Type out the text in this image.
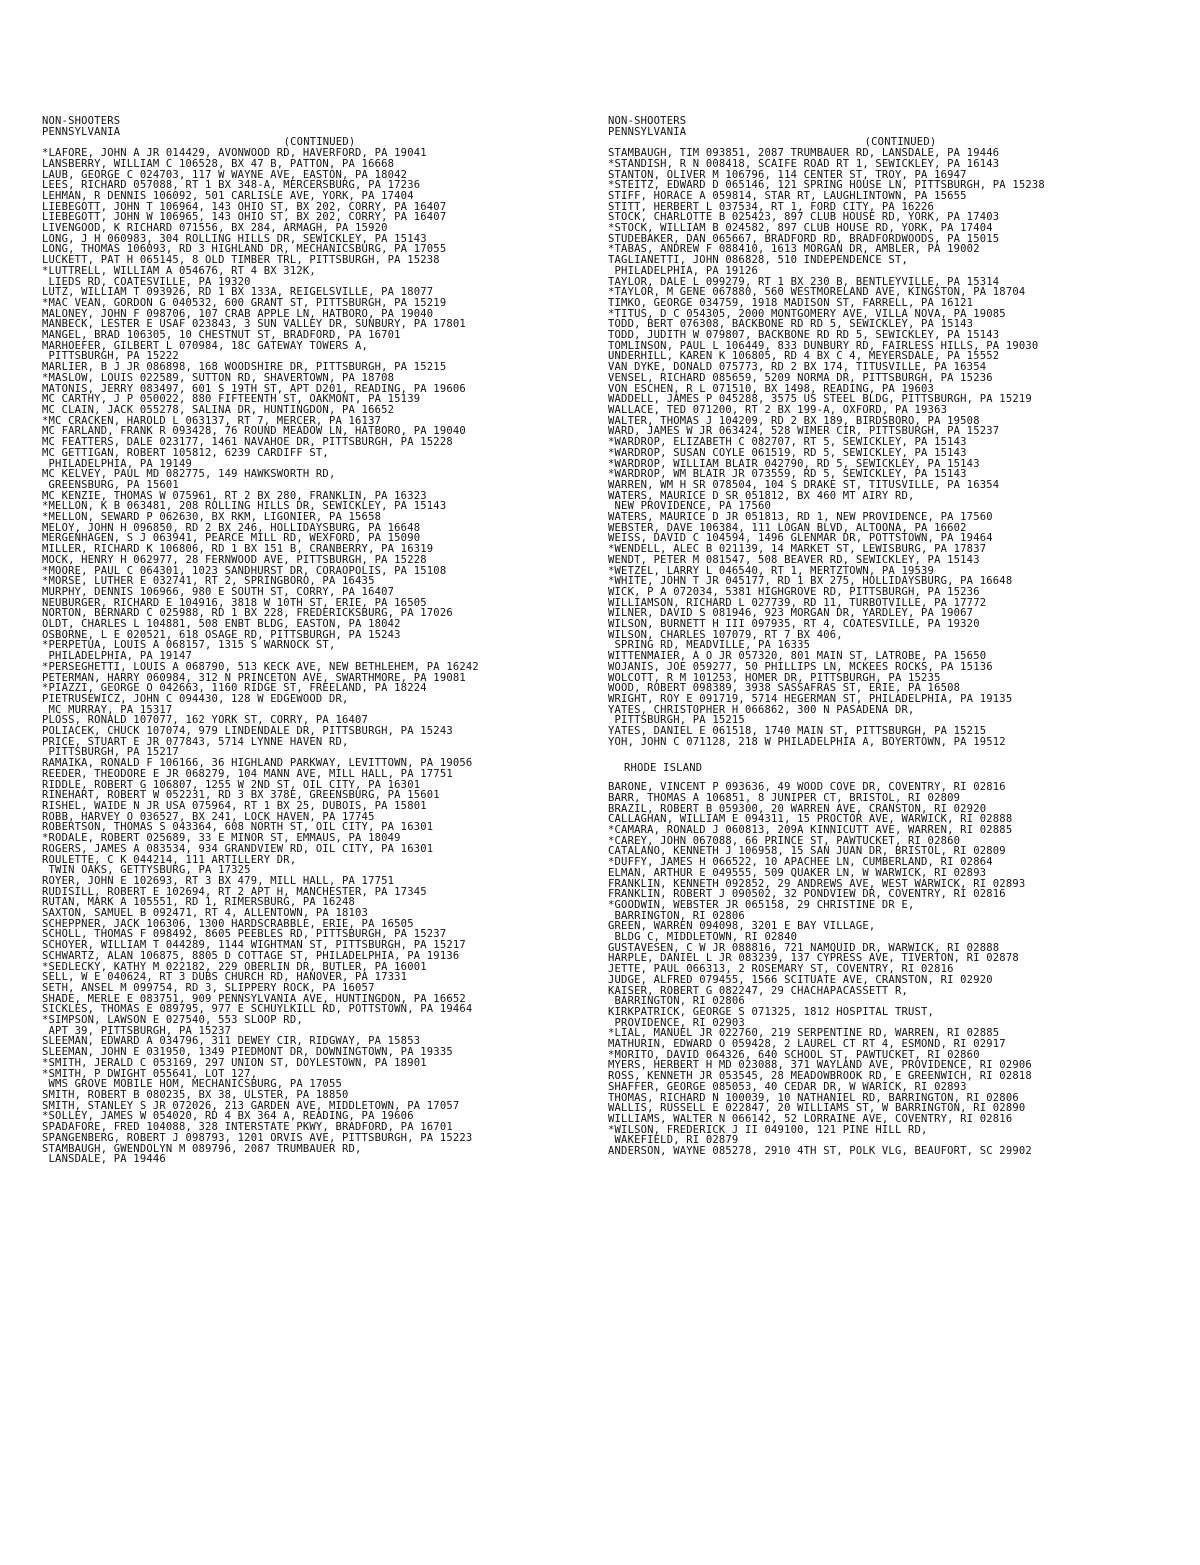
NON-SHOOTERS
PENNSYLVANIA
(CONTINUED)
*LAFORE, JOHN A JR 014429, AVONWOOD RD, HAVERFORD, PA 19041
LANSBERRY, WILLIAM C 106528, BX 47 B, PATTON, PA 16668
LAUB, GEORGE C 024703, 117 W WAYNE AVE, EASTON, PA 18042
LEES, RICHARD 057088, RT 1 BX 348-A, MERCERSBURG, PA 17236
LEHMAN, R DENNIS 106092, 501 CARLISLE AVE, YORK, PA 17404
LIEBEGOTT, JOHN T 106964, 143 OHIO ST, BX 202, CORRY, PA 16407
LIEBEGOTT, JOHN W 106965, 143 OHIO ST, BX 202, CORRY, PA 16407
LIVENGOOD, K RICHARD 071556, BX 284, ARMAGH, PA 15920
LONG, J H 060983, 304 ROLLING HILLS DR, SEWICKLEY, PA 15143
LONG, THOMAS 106093, RD 3 HIGHLAND DR, MECHANICSBURG, PA 17055
LUCKETT, PAT H 065145, 8 OLD TIMBER TRL, PITTSBURGH, PA 15238
*LUTTRELL, WILLIAM A 054676, RT 4 BX 312K,
LIEDS RD, COATESVILLE, PA 19320
LUTZ, WILLIAM T 093926, RD 1 BX 133A, REIGELSVILLE, PA 18077
*MAC VEAN, GORDON G 040532, 600 GRANT ST, PITTSBURGH, PA 15219
MALONEY, JOHN F 098706, 107 CRAB APPLE LN, HATBORO, PA 19040
MANBECK, LESTER E USAF 023843, 3 SUN VALLEY DR, SUNBURY, PA 17801
MANGEL, BRAD 106305, 10 CHESTNUT ST, BRADFORD, PA 16701
MARHOEFER, GILBERT L 070984, 18C GATEWAY TOWERS A,
PITTSBURGH, PA 15222
MARLIER, B J JR 086898, 168 WOODSHIRE DR, PITTSBURGH, PA 15215
*MASLOW, LOUIS 022589, SUTTON RD, SHAVERTOWN, PA 18708
MATONIS, JERRY 083497, 601 S 19TH ST, APT D201, READING, PA 19606
MC CARTHY, J P 050022, 880 FIFTEENTH ST, OAKMONT, PA 15139
MC CLAIN, JACK 055278, SALINA DR, HUNTINGDON, PA 16652
*MC CRACKEN, HAROLD L 063137, RT 7, MERCER, PA 16137
MC FARLAND, FRANK R 093428, 76 ROUND MEADOW LN, HATBORO, PA 19040
MC FEATTERS, DALE 023177, 1461 NAVAHOE DR, PITTSBURGH, PA 15228
MC GETTIGAN, ROBERT 105812, 6239 CARDIFF ST,
PHILADELPHIA, PA 19149
MC KELVEY, PAUL MD 082775, 149 HAWKSWORTH RD,
GREENSBURG, PA 15601
MC KENZIE, THOMAS W 075961, RT 2 BX 280, FRANKLIN, PA 16323
*MELLON, K B 063481, 208 ROLLING HILLS DR, SEWICKLEY, PA 15143
*MELLON, SEWARD P 062630, BX RKM, LIGONIER, PA 15658
MELOY, JOHN H 096850, RD 2 BX 246, HOLLIDAYSBURG, PA 16648
MERGENHAGEN, S J 063941, PEARCE MILL RD, WEXFORD, PA 15090
MILLER, RICHARD K 106806, RD 1 BX 151 B, CRANBERRY, PA 16319
MOCK, HENRY H 062977, 28 FERNWOOD AVE, PITTSBURGH, PA 15228
*MOORE, PAUL C 064301, 1023 SANDHURST DR, CORAOPOLIS, PA 15108
*MORSE, LUTHER E 032741, RT 2, SPRINGBORO, PA 16435
MURPHY, DENNIS 106966, 980 E SOUTH ST, CORRY, PA 16407
NEUBURGER, RICHARD E 104916, 3818 W 10TH ST, ERIE, PA 16505
NORTON, BERNARD C 025988, RD 1 BX 228, FREDERICKSBURG, PA 17026
OLDT, CHARLES L 104881, 508 ENBT BLDG, EASTON, PA 18042
OSBORNE, L E 020521, 618 OSAGE RD, PITTSBURGH, PA 15243
*PERPETUA, LOUIS A 068157, 1315 S WARNOCK ST,
PHILADELPHIA, PA 19147
*PERSEGHETTI, LOUIS A 068790, 513 KECK AVE, NEW BETHLEHEM, PA 16242
PETERMAN, HARRY 060984, 312 N PRINCETON AVE, SWARTHMORE, PA 19081
*PIAZZI, GEORGE O 042663, 1160 RIDGE ST, FREELAND, PA 18224
PIETRUSEWICZ, JOHN C 094430, 128 W EDGEWOOD DR,
MC MURRAY, PA 15317
PLOSS, RONALD 107077, 162 YORK ST, CORRY, PA 16407
POLIACEK, CHUCK 107074, 979 LINDENDALE DR, PITTSBURGH, PA 15243
PRICE, STUART E JR 077843, 5714 LYNNE HAVEN RD,
PITTSBURGH, PA 15217
RAMAIKA, RONALD F 106166, 36 HIGHLAND PARKWAY, LEVITTOWN, PA 19056
REEDER, THEODORE E JR 068279, 104 MANN AVE, MILL HALL, PA 17751
RIDDLE, ROBERT G 106807, 1255 W 2ND ST, OIL CITY, PA 16301
RINEHART, ROBERT W 052231, RD 3 BX 378E, GREENSBURG, PA 15601
RISHEL, WAIDE N JR USA 075964, RT 1 BX 25, DUBOIS, PA 15801
ROBB, HARVEY O 036527, BX 241, LOCK HAVEN, PA 17745
ROBERTSON, THOMAS S 043364, 608 NORTH ST, OIL CITY, PA 16301
*RODALE, ROBERT 025689, 33 E MINOR ST, EMMAUS, PA 18049
ROGERS, JAMES A 083534, 934 GRANDVIEW RD, OIL CITY, PA 16301
ROULETTE, C K 044214, 111 ARTILLERY DR,
TWIN OAKS, GETTYSBURG, PA 17325
ROYER, JOHN E 102693, RT 3 BX 479, MILL HALL, PA 17751
RUDISILL, ROBERT E 102694, RT 2 APT H, MANCHESTER, PA 17345
RUTAN, MARK A 105551, RD 1, RIMERSBURG, PA 16248
SAXTON, SAMUEL B 092471, RT 4, ALLENTOWN, PA 18103
SCHEPPNER, JACK 106306, 1300 HARDSCRABBLE, ERIE, PA 16505
SCHOLL, THOMAS F 098492, 8605 PEEBLES RD, PITTSBURGH, PA 15237
SCHOYER, WILLIAM T 044289, 1144 WIGHTMAN ST, PITTSBURGH, PA 15217
SCHWARTZ, ALAN 106875, 8805 D COTTAGE ST, PHILADELPHIA, PA 19136
*SEDLECKY, KATHY M 022182, 229 OBERLIN DR, BUTLER, PA 16001
SELL, W E 040624, RT 3 DUBS CHURCH RD, HANOVER, PA 17331
SETH, ANSEL M 099754, RD 3, SLIPPERY ROCK, PA 16057
SHADE, MERLE E 083751, 909 PENNSYLVANIA AVE, HUNTINGDON, PA 16652
SICKLES, THOMAS E 089795, 977 E SCHUYLKILL RD, POTTSTOWN, PA 19464
*SIMPSON, LAWSON E 027540, 553 SLOOP RD,
APT 39, PITTSBURGH, PA 15237
SLEEMAN, EDWARD A 034796, 311 DEWEY CIR, RIDGWAY, PA 15853
SLEEMAN, JOHN E 031950, 1349 PIEDMONT DR, DOWNINGTOWN, PA 19335
*SMITH, JERALD C 053169, 297 UNION ST, DOYLESTOWN, PA 18901
*SMITH, P DWIGHT 055641, LOT 127,
WMS GROVE MOBILE HOM, MECHANICSBURG, PA 17055
SMITH, ROBERT B 080235, BX 38, ULSTER, PA 18850
SMITH, STANLEY S JR 072026, 213 GARDEN AVE, MIDDLETOWN, PA 17057
*SOLLEY, JAMES W 054020, RD 4 BX 364 A, READING, PA 19606
SPADAFORE, FRED 104088, 328 INTERSTATE PKWY, BRADFORD, PA 16701
SPANGENBERG, ROBERT J 098793, 1201 ORVIS AVE, PITTSBURGH, PA 15223
STAMBAUGH, GWENDOLYN M 089796, 2087 TRUMBAUER RD,
LANSDALE, PA 19446
NON-SHOOTERS
PENNSYLVANIA
(CONTINUED)
STAMBAUGH, TIM 093851, 2087 TRUMBAUER RD, LANSDALE, PA 19446
*STANDISH, R N 008418, SCAIFE ROAD RT 1, SEWICKLEY, PA 16143
STANTON, OLIVER M 106796, 114 CENTER ST, TROY, PA 16947
*STEITZ, EDWARD D 065146, 121 SPRING HOUSE LN, PITTSBURGH, PA 15238
STIFF, HORACE A 059814, STAR RT, LAUGHLINTOWN, PA 15655
STITT, HERBERT L 037534, RT 1, FORD CITY, PA 16226
STOCK, CHARLOTTE B 025423, 897 CLUB HOUSE RD, YORK, PA 17403
*STOCK, WILLIAM B 024582, 897 CLUB HOUSE RD, YORK, PA 17404
STUDEBAKER, DAN 065667, BRADFORD RD, BRADFORDWOODS, PA 15015
*TABAS, ANDREW F 088410, 1613 MORGAN DR, AMBLER, PA 19002
TAGLIANETTI, JOHN 086828, 510 INDEPENDENCE ST,
PHILADELPHIA, PA 19126
TAYLOR, DALE L 099279, RT 1 BX 230 B, BENTLEYVILLE, PA 15314
*TAYLOR, M GENE 067880, 560 WESTMORELAND AVE, KINGSTON, PA 18704
TIMKO, GEORGE 034759, 1918 MADISON ST, FARRELL, PA 16121
*TITUS, D C 054305, 2000 MONTGOMERY AVE, VILLA NOVA, PA 19085
TODD, BERT 076308, BACKBONE RD RD 5, SEWICKLEY, PA 15143
TODD, JUDITH W 079807, BACKBONE RD RD 5, SEWICKLEY, PA 15143
TOMLINSON, PAUL L 106449, 833 DUNBURY RD, FAIRLESS HILLS, PA 19030
UNDERHILL, KAREN K 106805, RD 4 BX C 4, MEYERSDALE, PA 15552
VAN DYKE, DONALD 075773, RD 2 BX 174, TITUSVILLE, PA 16354
VENSEL, RICHARD 085659, 5209 NORMA DR, PITTSBURGH, PA 15236
VON ESCHEN, R L 071510, BX 1498, READING, PA 19603
WADDELL, JAMES P 045288, 3575 US STEEL BLDG, PITTSBURGH, PA 15219
WALLACE, TED 071200, RT 2 BX 199-A, OXFORD, PA 19363
WALTER, THOMAS J 104209, RD 2 BX 189, BIRDSBORO, PA 19508
WARD, JAMES W JR 063424, 528 WIMER CIR, PITTSBURGH, PA 15237
*WARDROP, ELIZABETH C 082707, RT 5, SEWICKLEY, PA 15143
*WARDROP, SUSAN COYLE 061519, RD 5, SEWICKLEY, PA 15143
*WARDROP, WILLIAM BLAIR 042790, RD 5, SEWICKLEY, PA 15143
*WARDROP, WM BLAIR JR 073559, RD 5, SEWICKLEY, PA 15143
WARREN, WM H SR 078504, 104 S DRAKE ST, TITUSVILLE, PA 16354
WATERS, MAURICE D SR 051812, BX 460 MT AIRY RD,
NEW PROVIDENCE, PA 17560
WATERS, MAURICE D JR 051813, RD 1, NEW PROVIDENCE, PA 17560
WEBSTER, DAVE 106384, 111 LOGAN BLVD, ALTOONA, PA 16602
WEISS, DAVID C 104594, 1496 GLENMAR DR, POTTSTOWN, PA 19464
*WENDELL, ALEC B 021139, 14 MARKET ST, LEWISBURG, PA 17837
WENDT, PETER M 081547, 508 BEAVER RD, SEWICKLEY, PA 15143
*WETZEL, LARRY L 046540, RT 1, MERTZTOWN, PA 19539
*WHITE, JOHN T JR 045177, RD 1 BX 275, HOLLIDAYSBURG, PA 16648
WICK, P A 072034, 5381 HIGHGROVE RD, PITTSBURGH, PA 15236
WILLIAMSON, RICHARD L 027739, RD 11, TURBOTVILLE, PA 17772
WILNER, DAVID S 081946, 923 MORGAN DR, YARDLEY, PA 19067
WILSON, BURNETT H III 097935, RT 4, COATESVILLE, PA 19320
WILSON, CHARLES 107079, RT 7 BX 406,
SPRING RD, MEADVILLE, PA 16335
WITTENMAIER, A O JR 057320, 801 MAIN ST, LATROBE, PA 15650
WOJANIS, JOE 059277, 50 PHILLIPS LN, MCKEES ROCKS, PA 15136
WOLCOTT, R M 101253, HOMER DR, PITTSBURGH, PA 15235
WOOD, ROBERT 098389, 3938 SASSAFRAS ST, ERIE, PA 16508
WRIGHT, ROY E 091719, 5714 HEGERMAN ST, PHILADELPHIA, PA 19135
YATES, CHRISTOPHER H 066862, 300 N PASADENA DR,
PITTSBURGH, PA 15215
YATES, DANIEL E 061518, 1740 MAIN ST, PITTSBURGH, PA 15215
YOH, JOHN C 071128, 218 W PHILADELPHIA A, BOYERTOWN, PA 19512
RHODE ISLAND
BARONE, VINCENT P 093636, 49 WOOD COVE DR, COVENTRY, RI 02816
BARR, THOMAS A 106851, 8 JUNIPER CT, BRISTOL, RI 02809
BRAZIL, ROBERT B 059300, 20 WARREN AVE, CRANSTON, RI 02920
CALLAGHAN, WILLIAM E 094311, 15 PROCTOR AVE, WARWICK, RI 02888
*CAMARA, RONALD J 060813, 209A KINNICUTT AVE, WARREN, RI 02885
*CAREY, JOHN 067088, 66 PRINCE ST, PAWTUCKET, RI 02860
CATALANO, KENNETH J 106958, 15 SAN JUAN DR, BRISTOL, RI 02809
*DUFFY, JAMES H 066522, 10 APACHEE LN, CUMBERLAND, RI 02864
ELMAN, ARTHUR E 049555, 509 QUAKER LN, W WARWICK, RI 02893
FRANKLIN, KENNETH 092852, 29 ANDREWS AVE, WEST WARWICK, RI 02893
FRANKLIN, ROBERT J 090502, 32 PONDVIEW DR, COVENTRY, RI 02816
*GOODWIN, WEBSTER JR 065158, 29 CHRISTINE DR E,
BARRINGTON, RI 02806
GREEN, WARREN 094098, 3201 E BAY VILLAGE,
BLDG C, MIDDLETOWN, RI 02840
GUSTAVESEN, C W JR 088816, 721 NAMQUID DR, WARWICK, RI 02888
HARPLE, DANIEL L JR 083239, 137 CYPRESS AVE, TIVERTON, RI 02878
JETTE, PAUL 066313, 2 ROSEMARY ST, COVENTRY, RI 02816
JUDGE, ALFRED 079455, 1566 SCITUATE AVE, CRANSTON, RI 02920
KAISER, ROBERT G 082247, 29 CHACHAPACASSETT R,
BARRINGTON, RI 02806
KIRKPATRICK, GEORGE S 071325, 1812 HOSPITAL TRUST,
PROVIDENCE, RI 02903
*LIAL, MANUEL JR 022760, 219 SERPENTINE RD, WARREN, RI 02885
MATHURIN, EDWARD O 059428, 2 LAUREL CT RT 4, ESMOND, RI 02917
*MORITO, DAVID 064326, 640 SCHOOL ST, PAWTUCKET, RI 02860
MYERS, HERBERT H MD 023088, 371 WAYLAND AVE, PROVIDENCE, RI 02906
ROSS, KENNETH JR 053545, 28 MEADOWBROOK RD, E GREENWICH, RI 02818
SHAFFER, GEORGE 085053, 40 CEDAR DR, W WARICK, RI 02893
THOMAS, RICHARD N 100039, 10 NATHANIEL RD, BARRINGTON, RI 02806
WALLIS, RUSSELL E 022847, 20 WILLIAMS ST, W BARRINGTON, RI 02890
WILLIAMS, WALTER N 066142, 52 LORRAINE AVE, COVENTRY, RI 02816
*WILSON, FREDERICK J II 049100, 121 PINE HILL RD,
WAKEFIELD, RI 02879
ANDERSON, WAYNE 085278, 2910 4TH ST, POLK VLG, BEAUFORT, SC 29902
